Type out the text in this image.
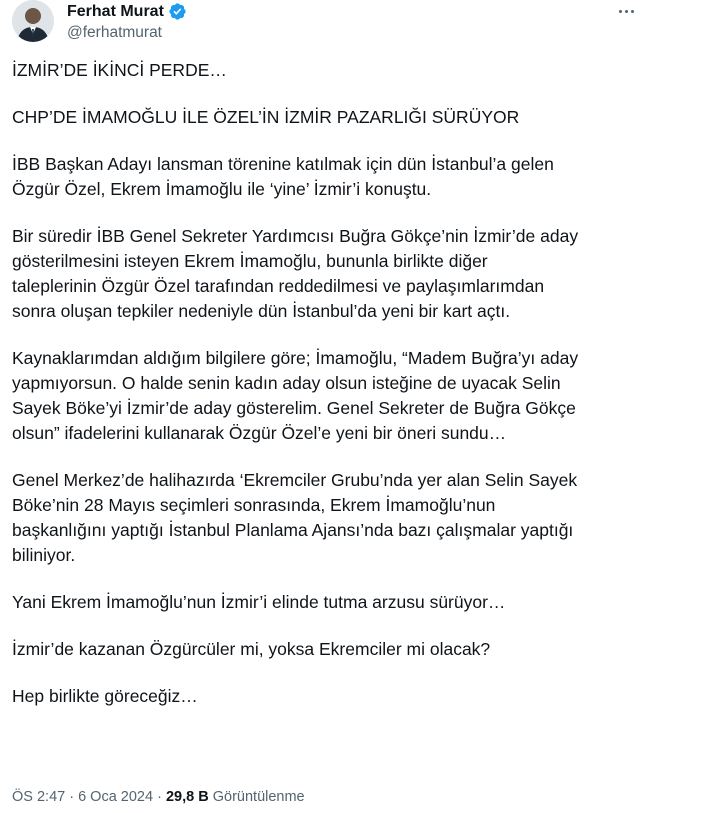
Ferhat Murat
@ferhatmurat

İZMİR’DE İKİNCİ PERDE…

CHP’DE İMAMOĞLU İLE ÖZEL’İN İZMİR PAZARLIĞI SÜRÜYOR

İBB Başkan Adayı lansman törenine katılmak için dün İstanbul’a gelen
Özgür Özel, Ekrem İmamoğlu ile ‘yine’ İzmir’i konuştu.

Bir süredir İBB Genel Sekreter Yardımcısı Buğra Gökçe’nin İzmir’de aday
gösterilmesini isteyen Ekrem İmamoğlu, bununla birlikte diğer
taleplerinin Özgür Özel tarafından reddedilmesi ve paylaşımlarımdan
sonra oluşan tepkiler nedeniyle dün İstanbul’da yeni bir kart açtı.

Kaynaklarımdan aldığım bilgilere göre; İmamoğlu, “Madem Buğra’yı aday
yapmıyorsun. O halde senin kadın aday olsun isteğine de uyacak Selin
Sayek Böke’yi İzmir’de aday gösterelim. Genel Sekreter de Buğra Gökçe
olsun” ifadelerini kullanarak Özgür Özel’e yeni bir öneri sundu…

Genel Merkez’de halihazırda ‘Ekremciler Grubu’nda yer alan Selin Sayek
Böke’nin 28 Mayıs seçimleri sonrasında, Ekrem İmamoğlu’nun
başkanlığını yaptığı İstanbul Planlama Ajansı’nda bazı çalışmalar yaptığı
biliniyor.

Yani Ekrem İmamoğlu’nun İzmir’i elinde tutma arzusu sürüyor…

İzmir’de kazanan Özgürcüler mi, yoksa Ekremciler mi olacak?

Hep birlikte göreceğiz…

ÖS 2:47 · 6 Oca 2024 · 29,8 B Görüntülenme
